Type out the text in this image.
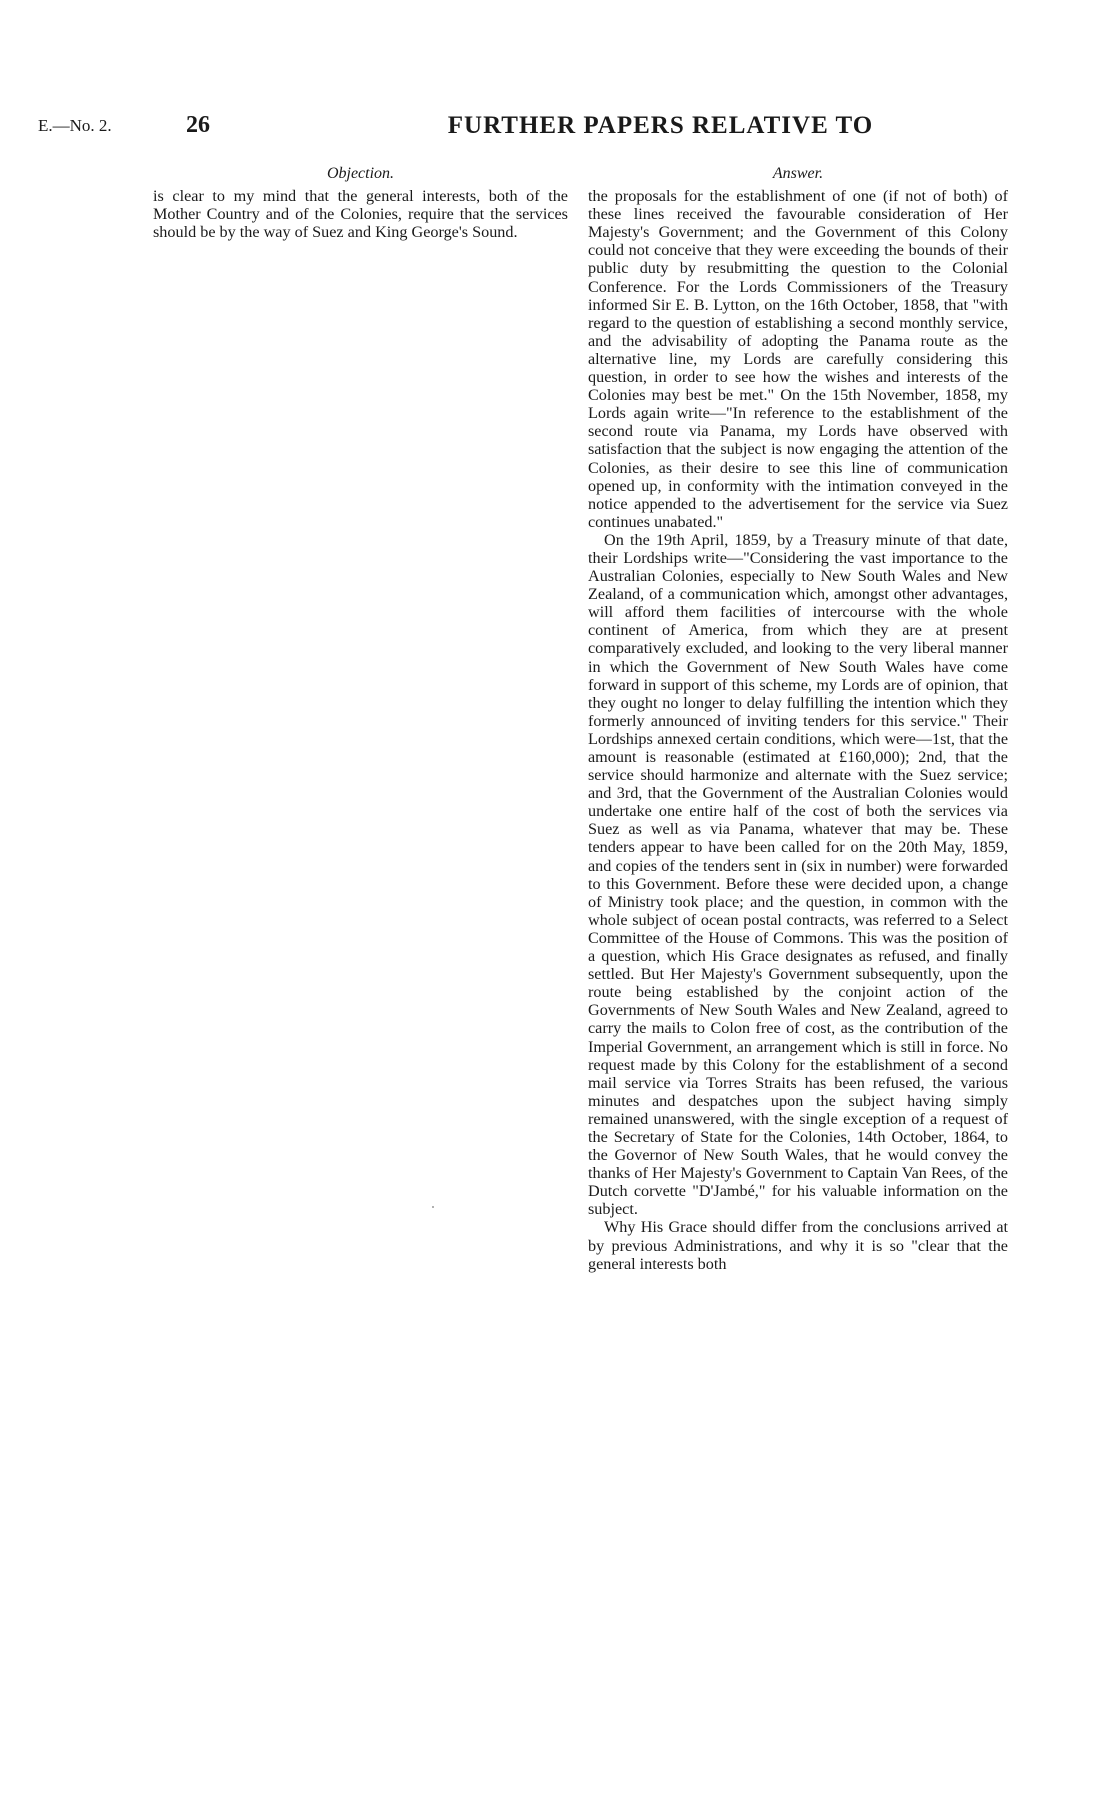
E.—No. 2.	26	FURTHER PAPERS RELATIVE TO
Objection.

is clear to my mind that the general interests, both of the Mother Country and of the Colonies, require that the services should be by the way of Suez and King George's Sound.

Answer.

the proposals for the establishment of one (if not of both) of these lines received the favourable consideration of Her Majesty's Government; and the Government of this Colony could not conceive that they were exceeding the bounds of their public duty by resubmitting the question to the Colonial Conference. For the Lords Commissioners of the Treasury informed Sir E. B. Lytton, on the 16th October, 1858, that "with regard to the question of establishing a second monthly service, and the advisability of adopting the Panama route as the alternative line, my Lords are carefully considering this question, in order to see how the wishes and interests of the Colonies may best be met." On the 15th November, 1858, my Lords again write—"In reference to the establishment of the second route via Panama, my Lords have observed with satisfaction that the subject is now engaging the attention of the Colonies, as their desire to see this line of communication opened up, in conformity with the intimation conveyed in the notice appended to the advertisement for the service via Suez continues unabated."

On the 19th April, 1859, by a Treasury minute of that date, their Lordships write—"Considering the vast importance to the Australian Colonies, especially to New South Wales and New Zealand, of a communication which, amongst other advantages, will afford them facilities of intercourse with the whole continent of America, from which they are at present comparatively excluded, and looking to the very liberal manner in which the Government of New South Wales have come forward in support of this scheme, my Lords are of opinion, that they ought no longer to delay fulfilling the intention which they formerly announced of inviting tenders for this service." Their Lordships annexed certain conditions, which were—1st, that the amount is reasonable (estimated at £160,000); 2nd, that the service should harmonize and alternate with the Suez service; and 3rd, that the Government of the Australian Colonies would undertake one entire half of the cost of both the services via Suez as well as via Panama, whatever that may be. These tenders appear to have been called for on the 20th May, 1859, and copies of the tenders sent in (six in number) were forwarded to this Government. Before these were decided upon, a change of Ministry took place; and the question, in common with the whole subject of ocean postal contracts, was referred to a Select Committee of the House of Commons. This was the position of a question, which His Grace designates as refused, and finally settled. But Her Majesty's Government subsequently, upon the route being established by the conjoint action of the Governments of New South Wales and New Zealand, agreed to carry the mails to Colon free of cost, as the contribution of the Imperial Government, an arrangement which is still in force. No request made by this Colony for the establishment of a second mail service via Torres Straits has been refused, the various minutes and despatches upon the subject having simply remained unanswered, with the single exception of a request of the Secretary of State for the Colonies, 14th October, 1864, to the Governor of New South Wales, that he would convey the thanks of Her Majesty's Government to Captain Van Rees, of the Dutch corvette "D'Jambé," for his valuable information on the subject.

Why His Grace should differ from the conclusions arrived at by previous Administrations, and why it is so "clear that the general interests both
